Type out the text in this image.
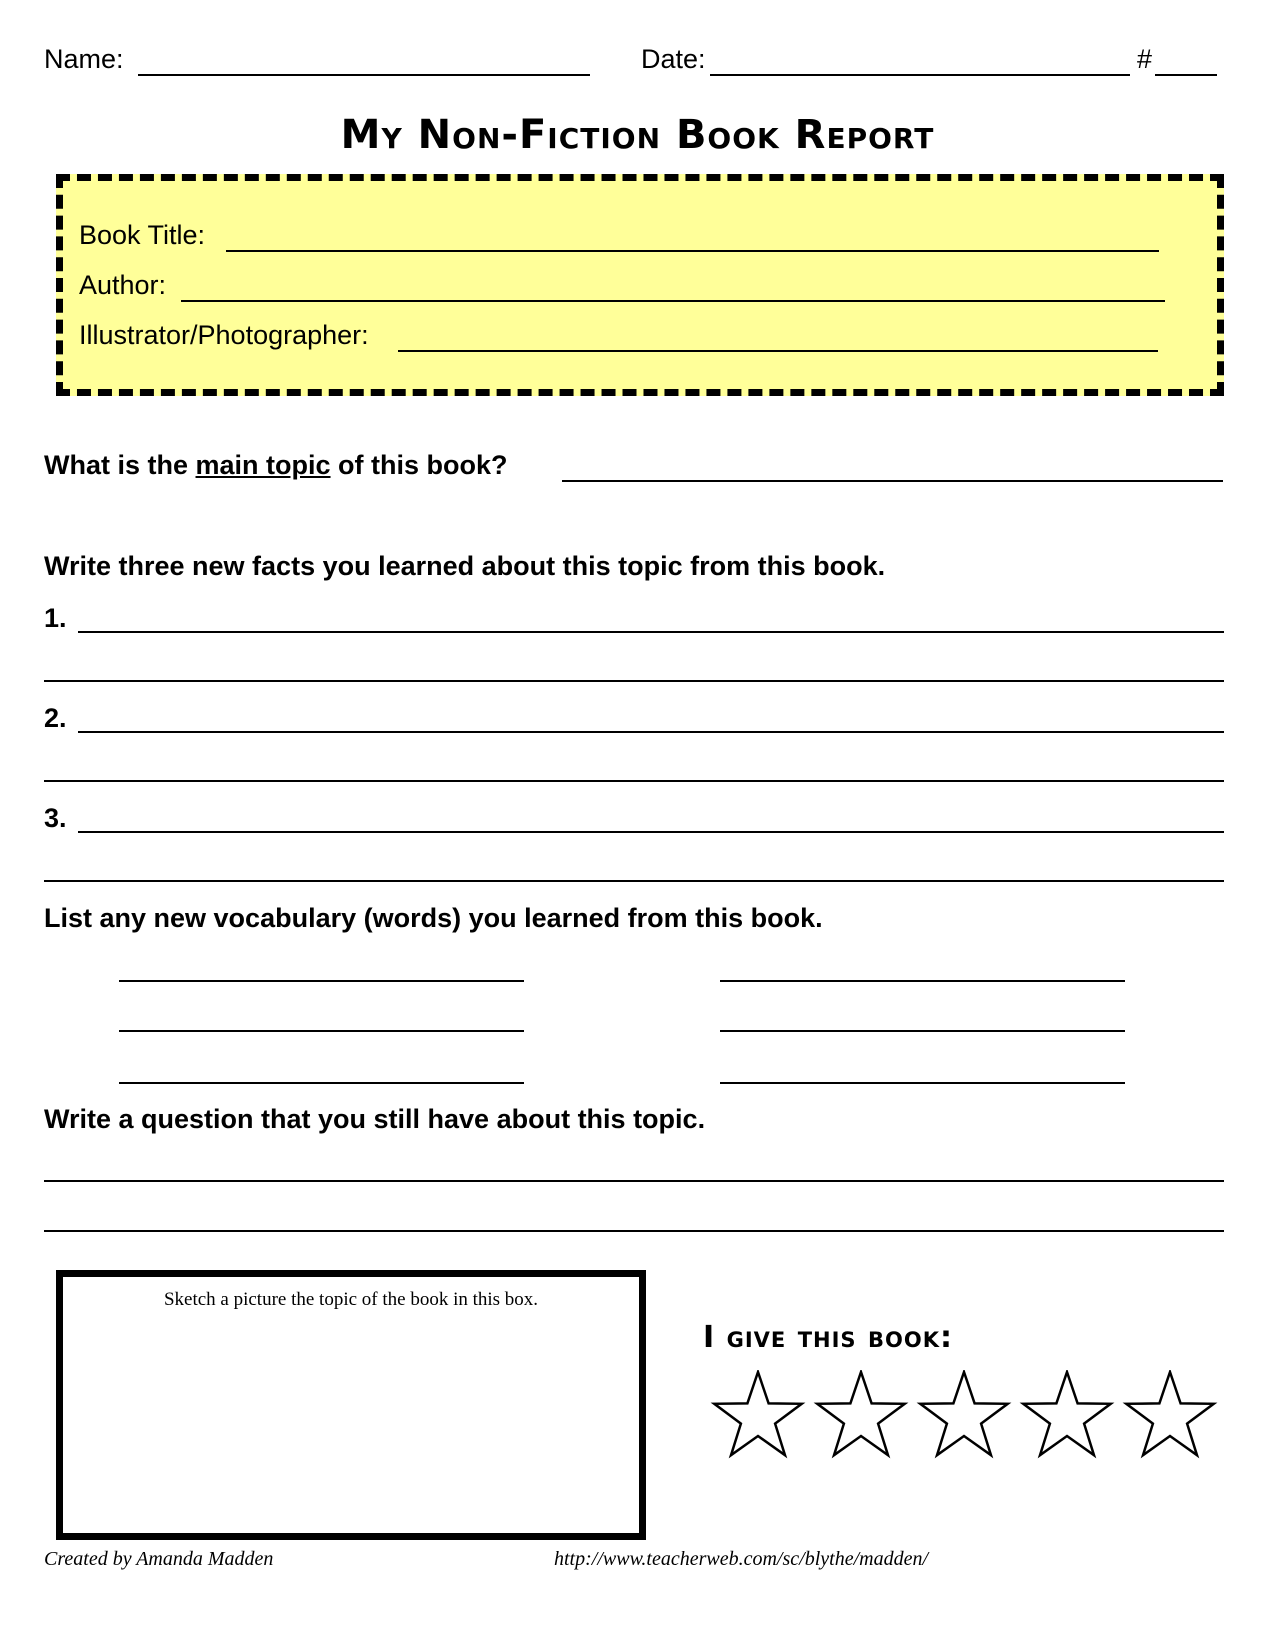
Name:	Date:	#
My Non-Fiction Book Report
Book Title:
Author:
Illustrator/Photographer:
What is the main topic of this book?
Write three new facts you learned about this topic from this book.
1.
2.
3.
List any new vocabulary (words) you learned from this book.
Write a question that you still have about this topic.
Sketch a picture the topic of the book in this box.
I give this book:
Created by Amanda Madden	http://www.teacherweb.com/sc/blythe/madden/
